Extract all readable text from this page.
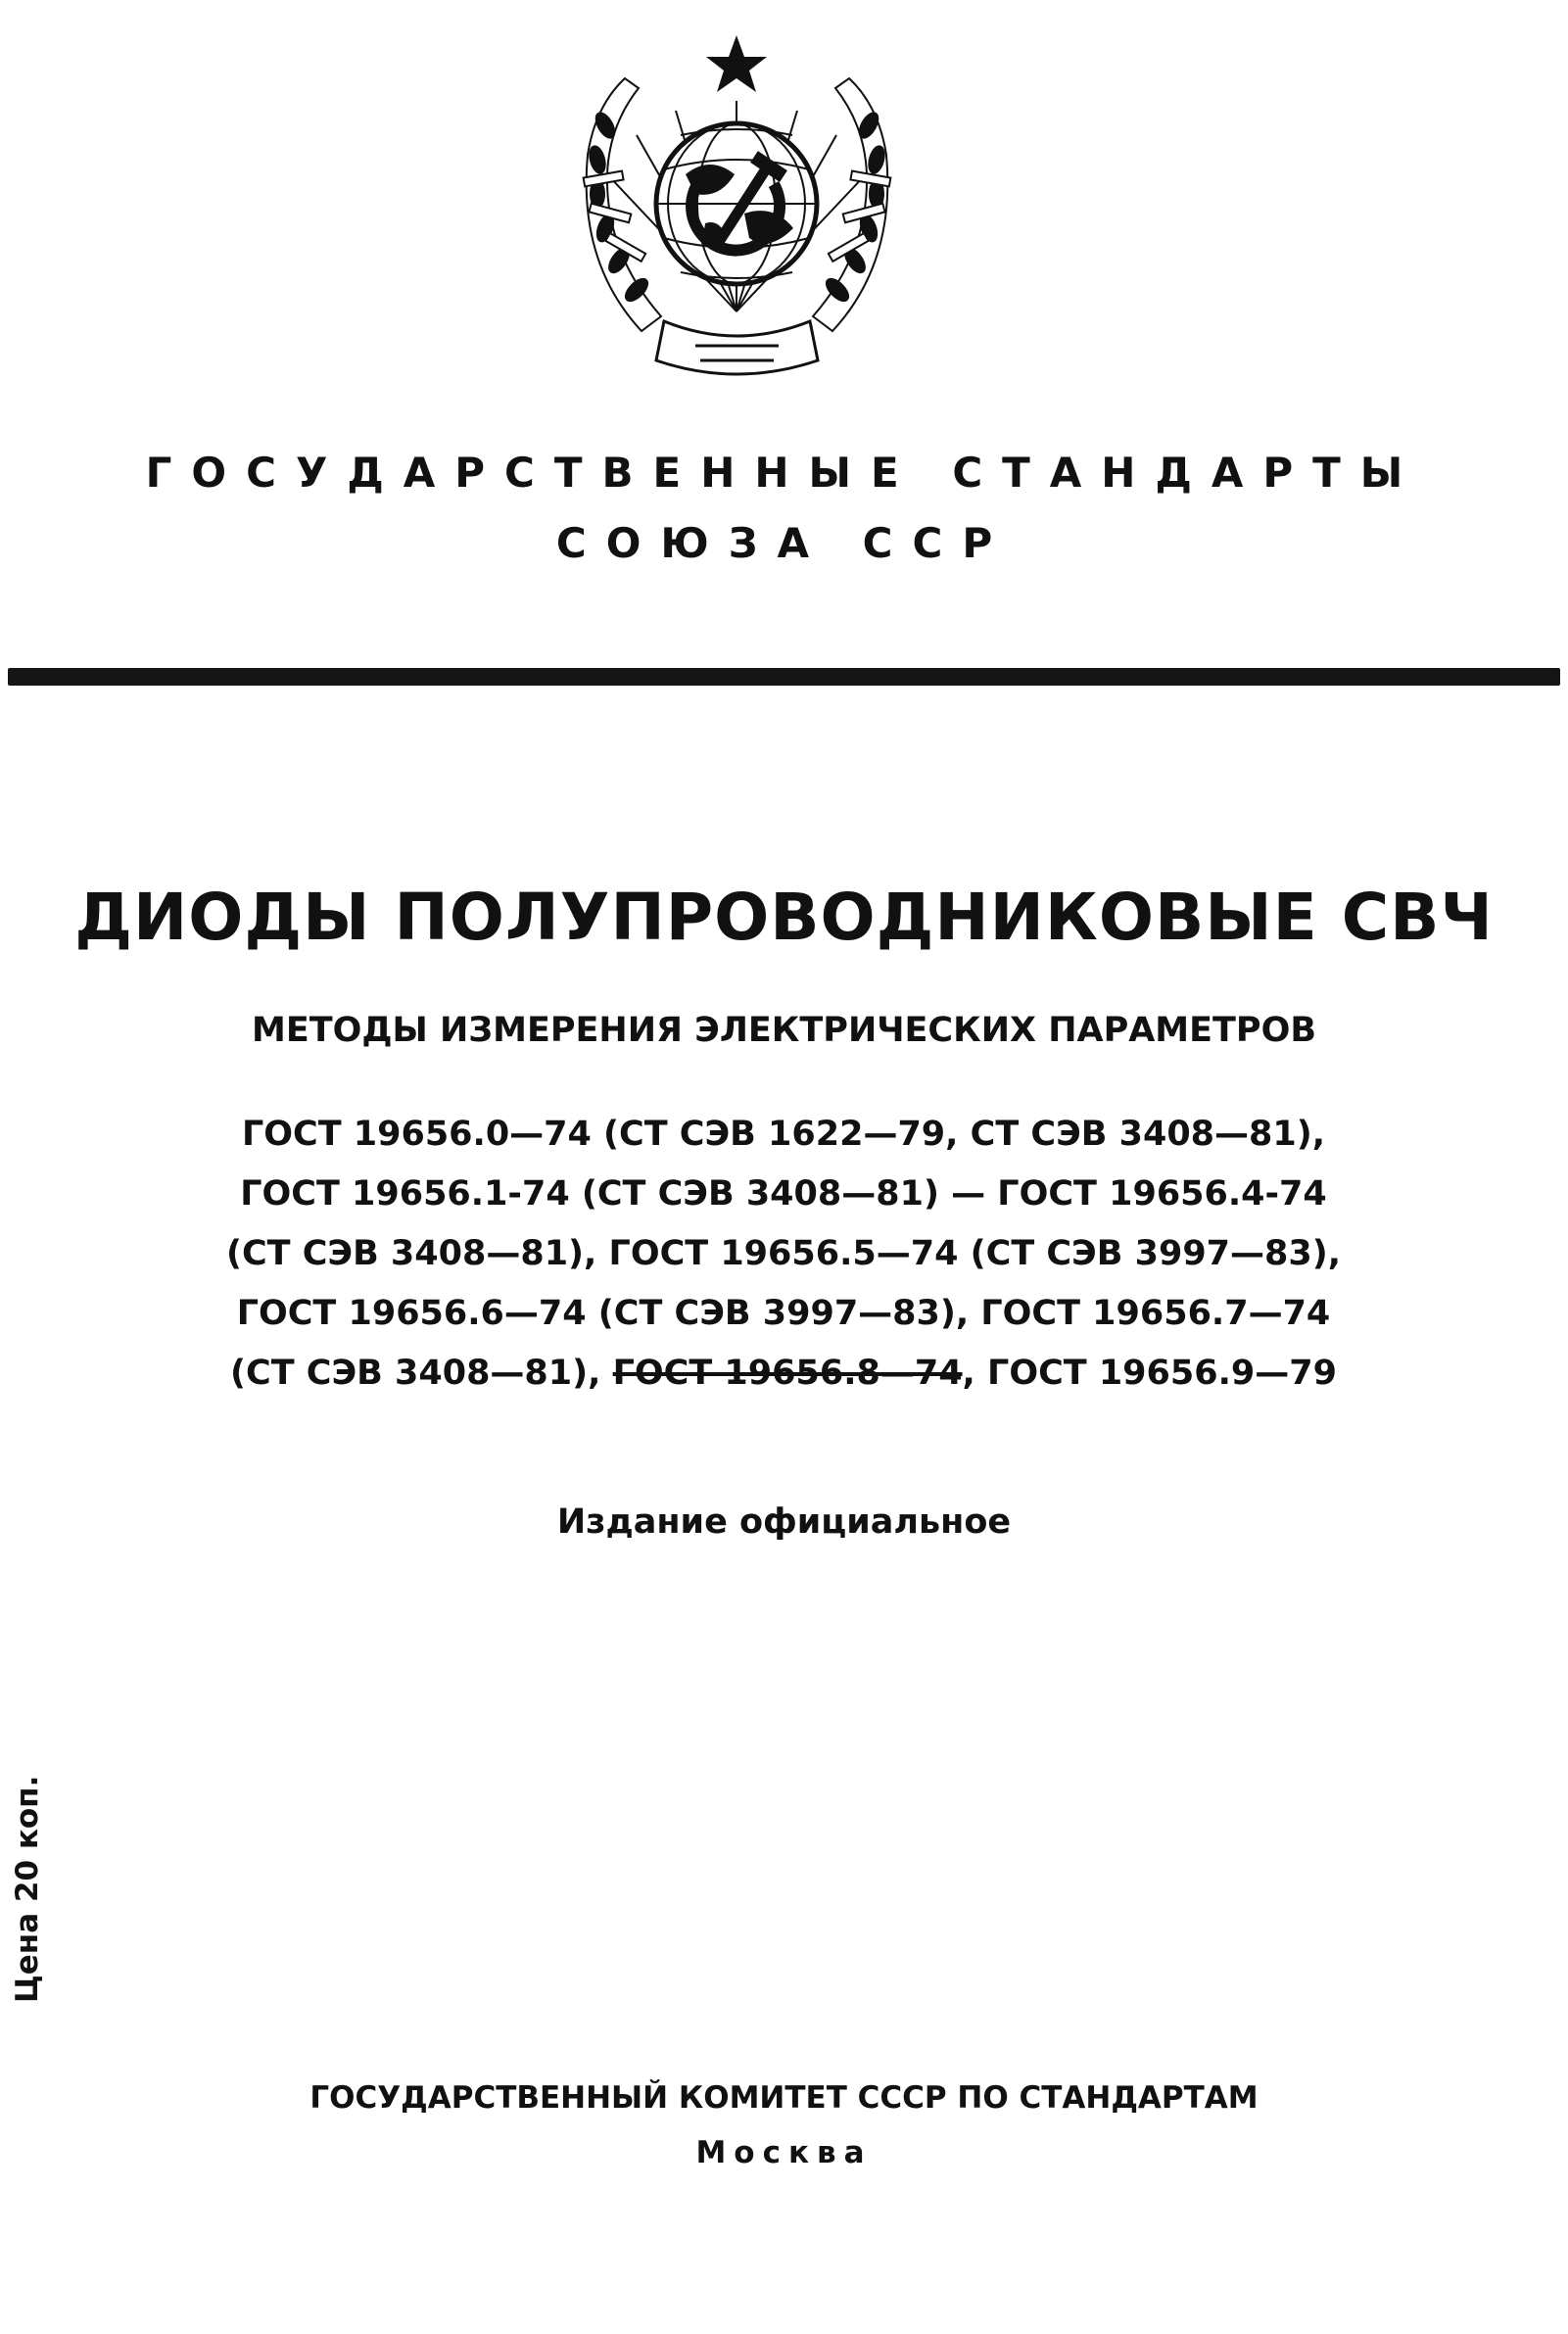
ГОСУДАРСТВЕННЫЕ СТАНДАРТЫ
СОЮЗА ССР
ДИОДЫ ПОЛУПРОВОДНИКОВЫЕ СВЧ
МЕТОДЫ ИЗМЕРЕНИЯ ЭЛЕКТРИЧЕСКИХ ПАРАМЕТРОВ
ГОСТ 19656.0—74 (СТ СЭВ 1622—79, СТ СЭВ 3408—81),
ГОСТ 19656.1-74 (СТ СЭВ 3408—81) — ГОСТ 19656.4-74
(СТ СЭВ 3408—81), ГОСТ 19656.5—74 (СТ СЭВ 3997—83),
ГОСТ 19656.6—74 (СТ СЭВ 3997—83), ГОСТ 19656.7—74
(СТ СЭВ 3408—81), ГОСТ 19656.8—74, ГОСТ 19656.9—79
Издание официальное
Цена 20 коп.
ГОСУДАРСТВЕННЫЙ КОМИТЕТ СССР ПО СТАНДАРТАМ
Москва
